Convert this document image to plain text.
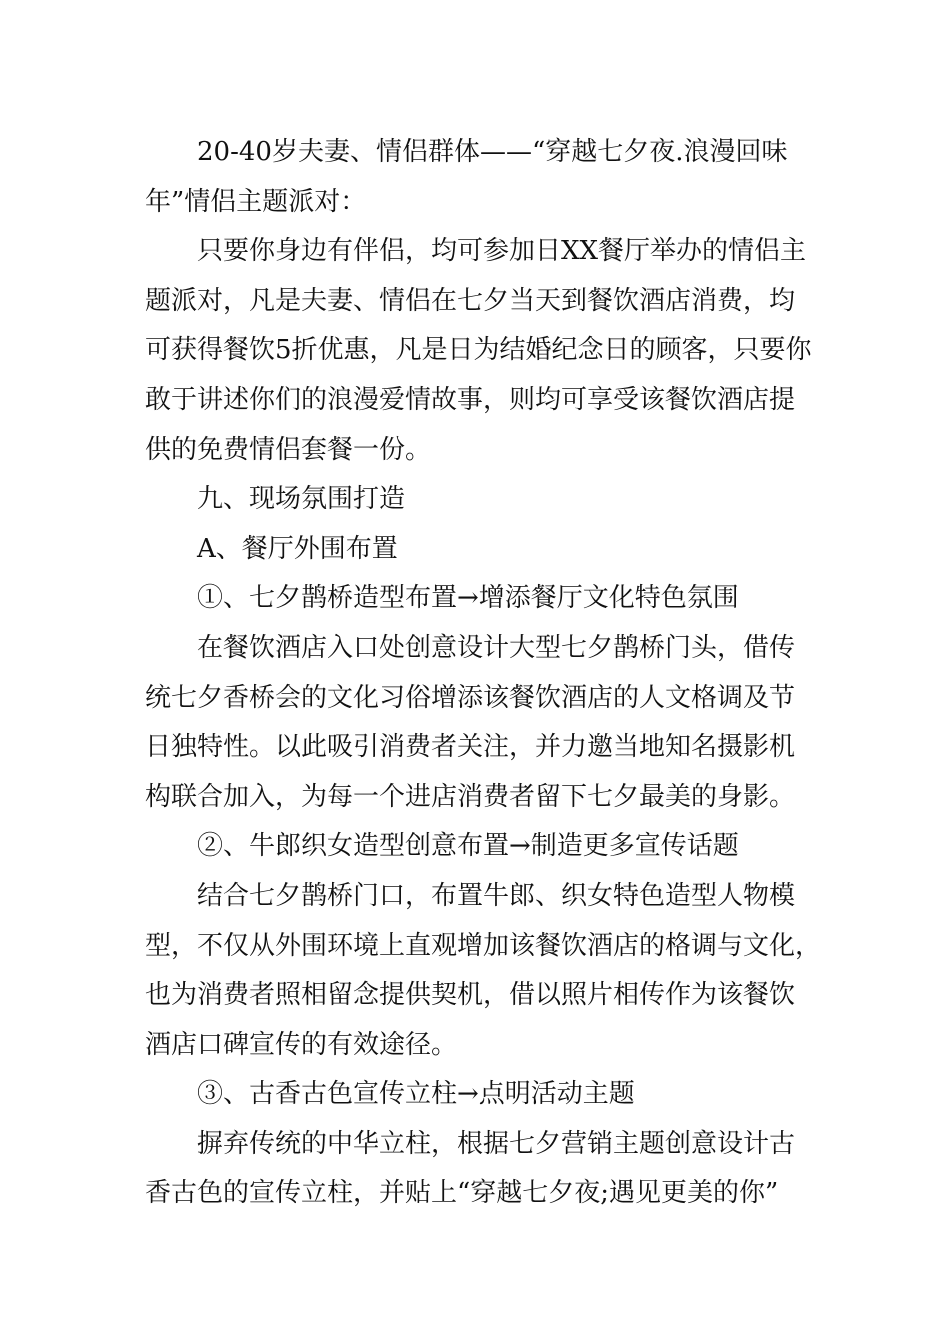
20-40岁夫妻、情侣群体——“穿越七夕夜.浪漫回味
年”情侣主题派对：
只要你身边有伴侣，均可参加日XX餐厅举办的情侣主
题派对，凡是夫妻、情侣在七夕当天到餐饮酒店消费，均
可获得餐饮5折优惠，凡是日为结婚纪念日的顾客，只要你
敢于讲述你们的浪漫爱情故事，则均可享受该餐饮酒店提
供的免费情侣套餐一份。
九、现场氛围打造
A、餐厅外围布置
①、七夕鹊桥造型布置→增添餐厅文化特色氛围
在餐饮酒店入口处创意设计大型七夕鹊桥门头，借传
统七夕香桥会的文化习俗增添该餐饮酒店的人文格调及节
日独特性。以此吸引消费者关注，并力邀当地知名摄影机
构联合加入，为每一个进店消费者留下七夕最美的身影。
②、牛郎织女造型创意布置→制造更多宣传话题
结合七夕鹊桥门口，布置牛郎、织女特色造型人物模
型，不仅从外围环境上直观增加该餐饮酒店的格调与文化，
也为消费者照相留念提供契机，借以照片相传作为该餐饮
酒店口碑宣传的有效途径。
③、古香古色宣传立柱→点明活动主题
摒弃传统的中华立柱，根据七夕营销主题创意设计古
香古色的宣传立柱，并贴上“穿越七夕夜;遇见更美的你”
